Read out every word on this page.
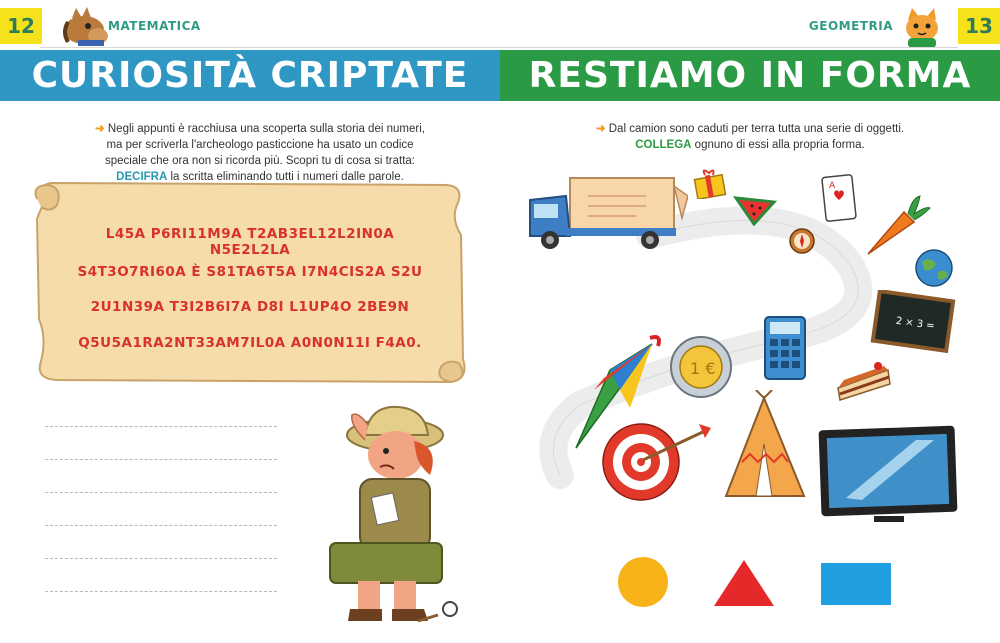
12	MATEMATICA
CURIOSITÀ CRIPTATE
➜ Negli appunti è racchiusa una scoperta sulla storia dei numeri,
ma per scriverla l'archeologo pasticcione ha usato un codice
speciale che ora non si ricorda più. Scopri tu di cosa si tratta:
DECIFRA la scritta eliminando tutti i numeri dalle parole.
L45A P6RI11M9A T2AB3EL12L2IN0A N5E2L2LA
S4T3O7RI60A È S81TA6T5A I7N4CIS2A S2U
2U1N39A T3I2B6I7A D8I L1UP4O 2BE9N
Q5U5A1RA2NT33AM7IL0A A0N0N11I F4A0.
GEOMETRIA	13
RESTIAMO IN FORMA
➜ Dal camion sono caduti per terra tutta una serie di oggetti.
COLLEGA ognuno di essi alla propria forma.
A
2 × 3 =
1 €
